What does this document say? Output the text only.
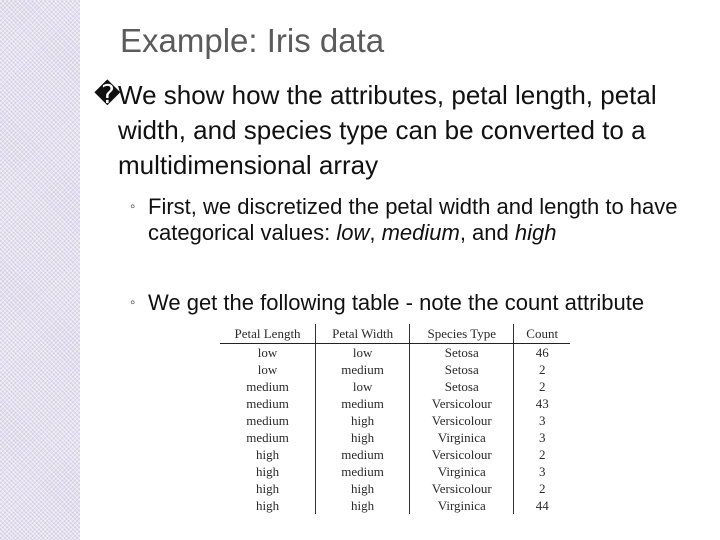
Example: Iris data
�
We show how the attributes, petal length, petal width, and species type can be converted to a multidimensional array
◦ First, we discretized the petal width and length to have categorical values: low, medium, and high
◦ We get the following table - note the count attribute
Petal Length	Petal Width	Species Type	Count
low	low	Setosa	46
low	medium	Setosa	2
medium	low	Setosa	2
medium	medium	Versicolour	43
medium	high	Versicolour	3
medium	high	Virginica	3
high	medium	Versicolour	2
high	medium	Virginica	3
high	high	Versicolour	2
high	high	Virginica	44
